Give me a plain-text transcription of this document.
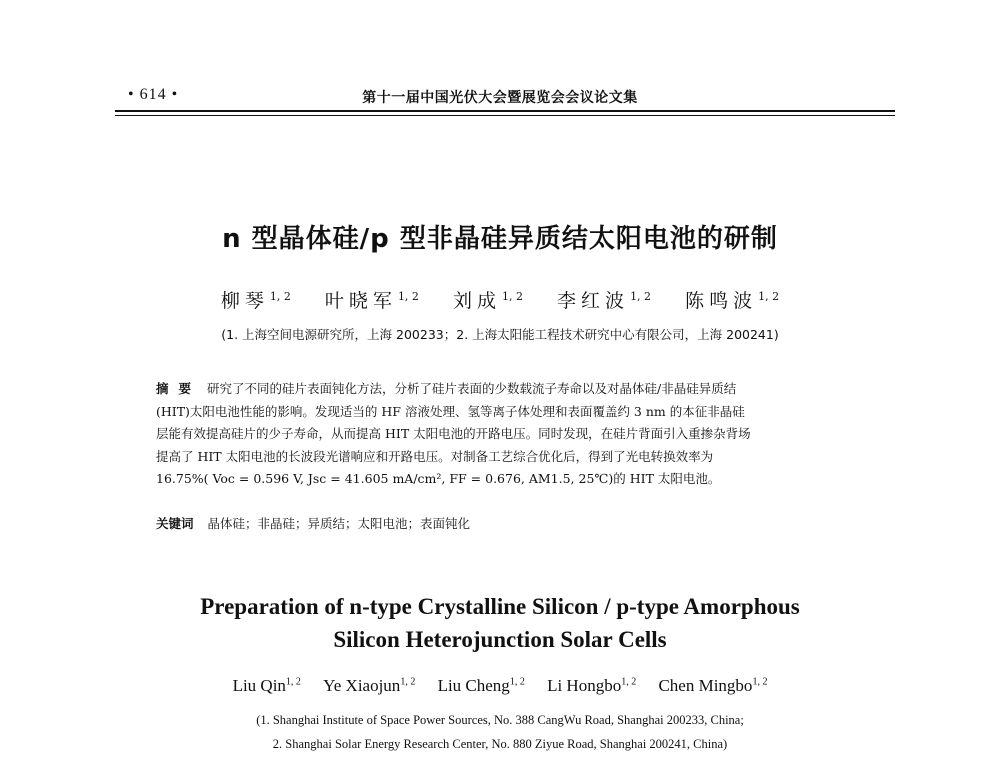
• 614 •	第十一届中国光伏大会暨展览会会议论文集
n 型晶体硅/p 型非晶硅异质结太阳电池的研制
柳琴$^{1, 2}$ 叶晓军$^{1, 2}$ 刘成$^{1, 2}$ 李红波$^{1, 2}$ 陈鸣波$^{1, 2}$
(1. 上海空间电源研究所，上海 200233；2. 上海太阳能工程技术研究中心有限公司，上海 200241)
摘要 研究了不同的硅片表面钝化方法，分析了硅片表面的少数载流子寿命以及对晶体硅/非晶硅异质结
(HIT)太阳电池性能的影响。发现适当的 HF 溶液处理、氢等离子体处理和表面覆盖约 3 nm 的本征非晶硅
层能有效提高硅片的少子寿命，从而提高 HIT 太阳电池的开路电压。同时发现，在硅片背面引入重掺杂背场
提高了 HIT 太阳电池的长波段光谱响应和开路电压。对制备工艺综合优化后，得到了光电转换效率为
16.75%( Voc = 0.596 V, Jsc = 41.605 mA/cm², FF = 0.676, AM1.5, 25℃)的 HIT 太阳电池。
关键词 晶体硅；非晶硅；异质结；太阳电池；表面钝化
Preparation of n-type Crystalline Silicon / p-type Amorphous
Silicon Heterojunction Solar Cells
Liu Qin$^{1, 2}$ Ye Xiaojun$^{1, 2}$ Liu Cheng$^{1, 2}$ Li Hongbo$^{1, 2}$ Chen Mingbo$^{1, 2}$
(1. Shanghai Institute of Space Power Sources, No. 388 CangWu Road, Shanghai 200233, China;
2. Shanghai Solar Energy Research Center, No. 880 Ziyue Road, Shanghai 200241, China)
